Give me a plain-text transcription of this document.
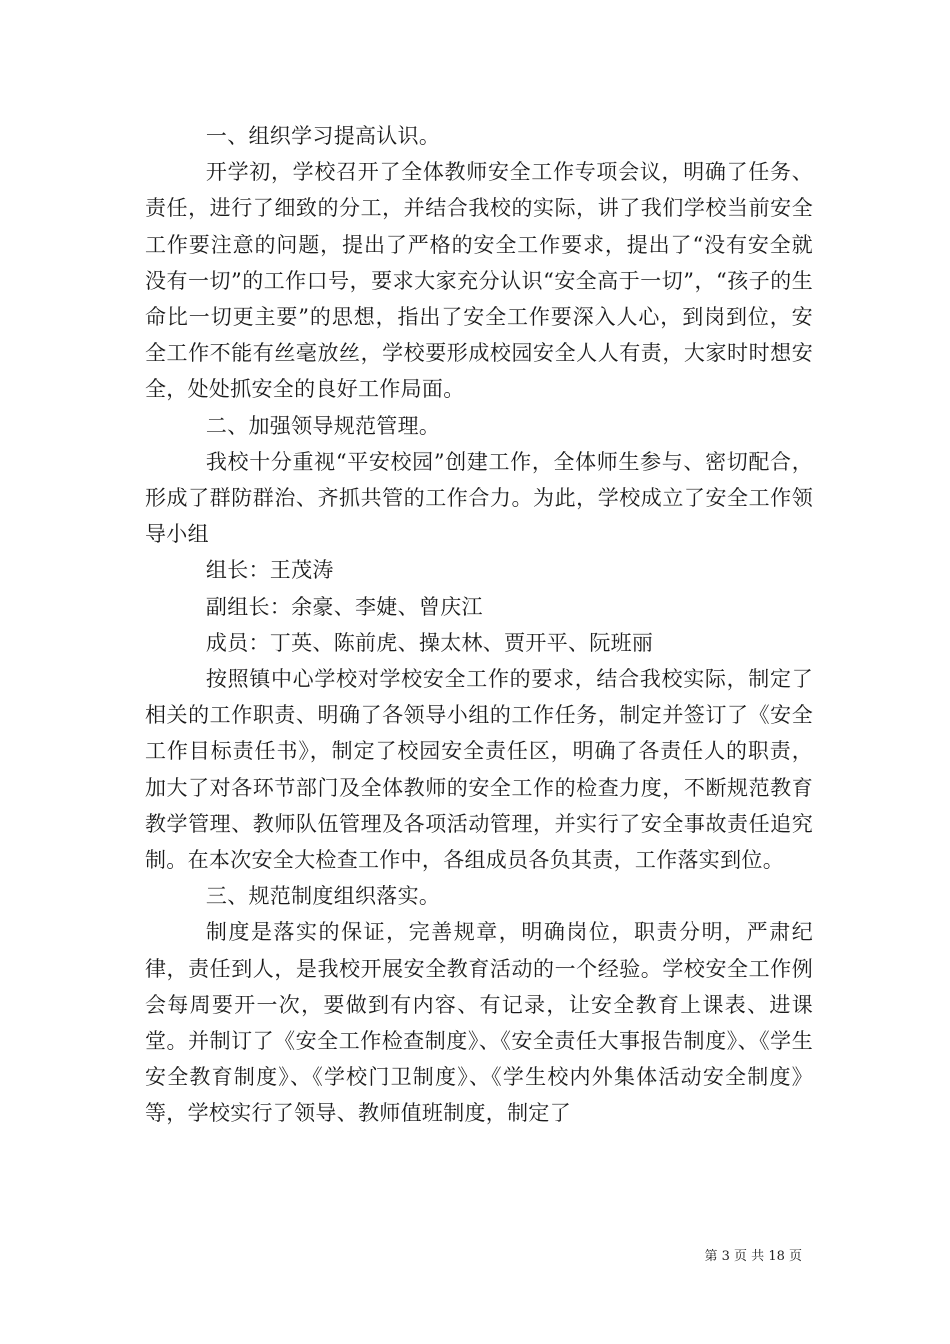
一、组织学习提高认识。

开学初，学校召开了全体教师安全工作专项会议，明确了任务、责任，进行了细致的分工，并结合我校的实际，讲了我们学校当前安全工作要注意的问题，提出了严格的安全工作要求，提出了“没有安全就没有一切”的工作口号，要求大家充分认识“安全高于一切”，“孩子的生命比一切更主要”的思想，指出了安全工作要深入人心，到岗到位，安全工作不能有丝毫放丝，学校要形成校园安全人人有责，大家时时想安全，处处抓安全的良好工作局面。

二、加强领导规范管理。

我校十分重视“平安校园”创建工作，全体师生参与、密切配合，形成了群防群治、齐抓共管的工作合力。为此，学校成立了安全工作领导小组

组长：王茂涛

副组长：余豪、李婕、曾庆江

成员：丁英、陈前虎、操太林、贾开平、阮班丽

按照镇中心学校对学校安全工作的要求，结合我校实际，制定了相关的工作职责、明确了各领导小组的工作任务，制定并签订了《安全工作目标责任书》，制定了校园安全责任区，明确了各责任人的职责，加大了对各环节部门及全体教师的安全工作的检查力度，不断规范教育教学管理、教师队伍管理及各项活动管理，并实行了安全事故责任追究制。在本次安全大检查工作中，各组成员各负其责，工作落实到位。

三、规范制度组织落实。

制度是落实的保证，完善规章，明确岗位，职责分明，严肃纪律，责任到人，是我校开展安全教育活动的一个经验。学校安全工作例会每周要开一次，要做到有内容、有记录，让安全教育上课表、进课堂。并制订了《安全工作检查制度》、《安全责任大事报告制度》、《学生安全教育制度》、《学校门卫制度》、《学生校内外集体活动安全制度》等，学校实行了领导、教师值班制度，制定了

第 3 页 共 18 页
